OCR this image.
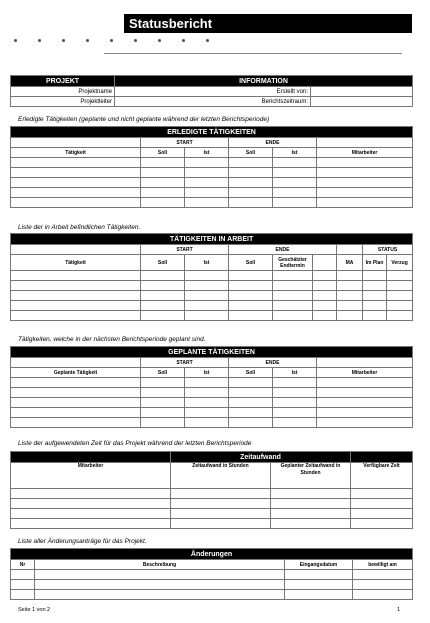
Statusbericht
PROJEKT	INFORMATION	
Projektname	Erstellt von:	
Projektleiter	Berichtszeitraum:	
Erledigte Tätigkeiten (geplante und nicht geplante während der letzten Berichtsperiode)
ERLEDIGTE TÄTIGKEITEN					
	START		ENDE		
Tätigkeit	Soll	Ist	Soll	Ist	Mitarbeiter

Liste der in Arbeit befindlichen Tätigkeiten.
TÄTIGKEITEN IN ARBEIT								
	START		ENDE				STATUS	
Tätigkeit	Soll	Ist	Soll	Geschätzter Endtermin		MA	Im Plan	Verzug

Tätigkeiten, welche in der nächsten Berichtsperiode geplant sind.
GEPLANTE TÄTIGKEITEN					
	START		ENDE		
Geplante Tätigkeit	Soll	Ist	Soll	Ist	Mitarbeiter

Liste der aufgewendeten Zeit für das Projekt während der letzten Berichtsperiode
	Zeitaufwand		
Mitarbeiter	Zeitaufwand in Stunden	Geplanter Zeitaufwand in Stunden	Verfügbare Zeit

Liste aller Änderungsanträge für das Projekt.
Änderungen			
Nr	Beschreibung	Eingangsdatum	bewilligt am

Seite 1 von 2	1
